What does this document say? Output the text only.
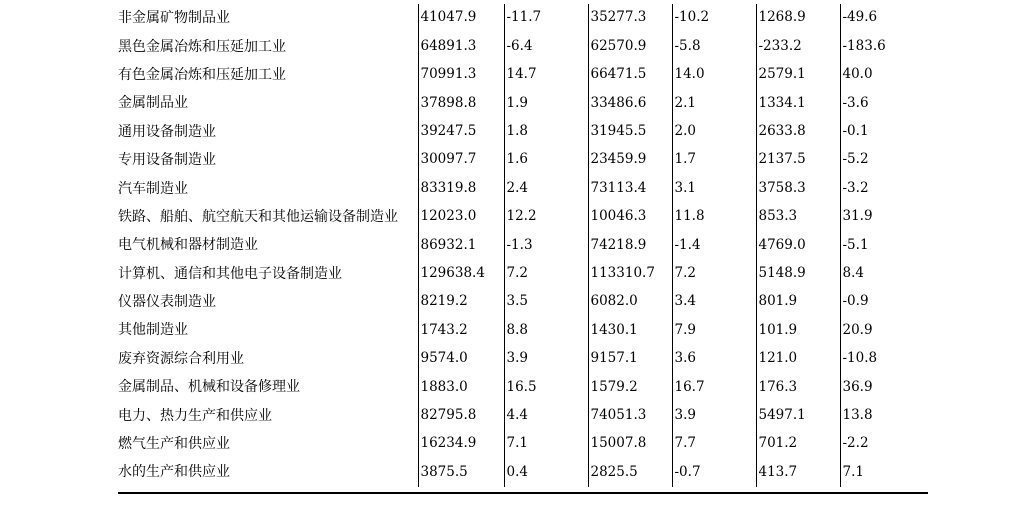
非金属矿物制品业	41047.9	-11.7	35277.3	-10.2	1268.9	-49.6
黑色金属冶炼和压延加工业	64891.3	-6.4	62570.9	-5.8	-233.2	-183.6
有色金属冶炼和压延加工业	70991.3	14.7	66471.5	14.0	2579.1	40.0
金属制品业	37898.8	1.9	33486.6	2.1	1334.1	-3.6
通用设备制造业	39247.5	1.8	31945.5	2.0	2633.8	-0.1
专用设备制造业	30097.7	1.6	23459.9	1.7	2137.5	-5.2
汽车制造业	83319.8	2.4	73113.4	3.1	3758.3	-3.2
铁路、船舶、航空航天和其他运输设备制造业	12023.0	12.2	10046.3	11.8	853.3	31.9
电气机械和器材制造业	86932.1	-1.3	74218.9	-1.4	4769.0	-5.1
计算机、通信和其他电子设备制造业	129638.4	7.2	113310.7	7.2	5148.9	8.4
仪器仪表制造业	8219.2	3.5	6082.0	3.4	801.9	-0.9
其他制造业	1743.2	8.8	1430.1	7.9	101.9	20.9
废弃资源综合利用业	9574.0	3.9	9157.1	3.6	121.0	-10.8
金属制品、机械和设备修理业	1883.0	16.5	1579.2	16.7	176.3	36.9
电力、热力生产和供应业	82795.8	4.4	74051.3	3.9	5497.1	13.8
燃气生产和供应业	16234.9	7.1	15007.8	7.7	701.2	-2.2
水的生产和供应业	3875.5	0.4	2825.5	-0.7	413.7	7.1
